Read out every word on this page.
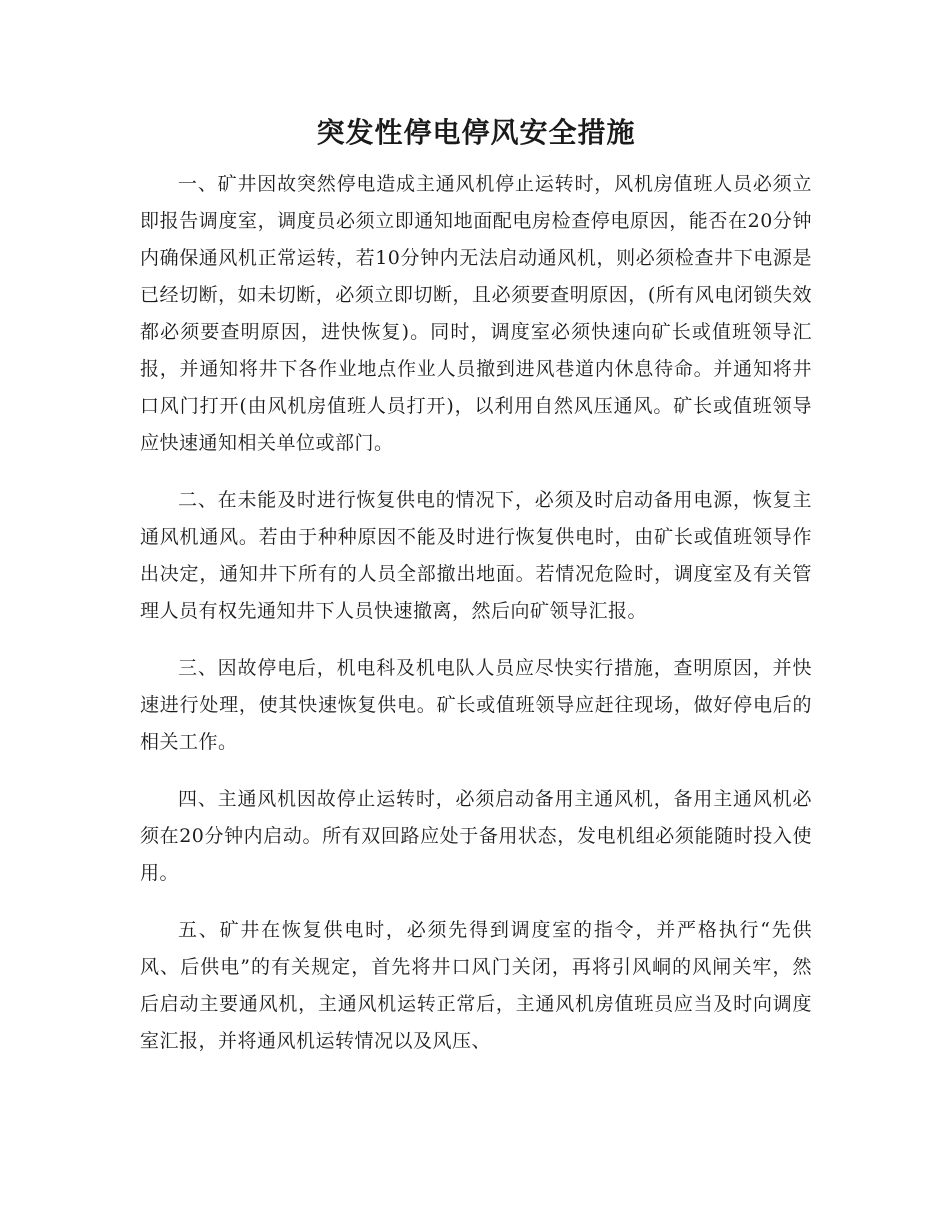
突发性停电停风安全措施

一、矿井因故突然停电造成主通风机停止运转时，风机房值班人员必须立即报告调度室，调度员必须立即通知地面配电房检查停电原因，能否在20分钟内确保通风机正常运转，若10分钟内无法启动通风机，则必须检查井下电源是已经切断，如未切断，必须立即切断，且必须要查明原因，(所有风电闭锁失效都必须要查明原因，进快恢复)。同时，调度室必须快速向矿长或值班领导汇报，并通知将井下各作业地点作业人员撤到进风巷道内休息待命。并通知将井口风门打开(由风机房值班人员打开)，以利用自然风压通风。矿长或值班领导应快速通知相关单位或部门。

二、在未能及时进行恢复供电的情况下，必须及时启动备用电源，恢复主通风机通风。若由于种种原因不能及时进行恢复供电时，由矿长或值班领导作出决定，通知井下所有的人员全部撤出地面。若情况危险时，调度室及有关管理人员有权先通知井下人员快速撤离，然后向矿领导汇报。

三、因故停电后，机电科及机电队人员应尽快实行措施，查明原因，并快速进行处理，使其快速恢复供电。矿长或值班领导应赶往现场，做好停电后的相关工作。

四、主通风机因故停止运转时，必须启动备用主通风机，备用主通风机必须在20分钟内启动。所有双回路应处于备用状态，发电机组必须能随时投入使用。

五、矿井在恢复供电时，必须先得到调度室的指令，并严格执行“先供风、后供电”的有关规定，首先将井口风门关闭，再将引风峒的风闸关牢，然后启动主要通风机，主通风机运转正常后，主通风机房值班员应当及时向调度室汇报，并将通风机运转情况以及风压、
